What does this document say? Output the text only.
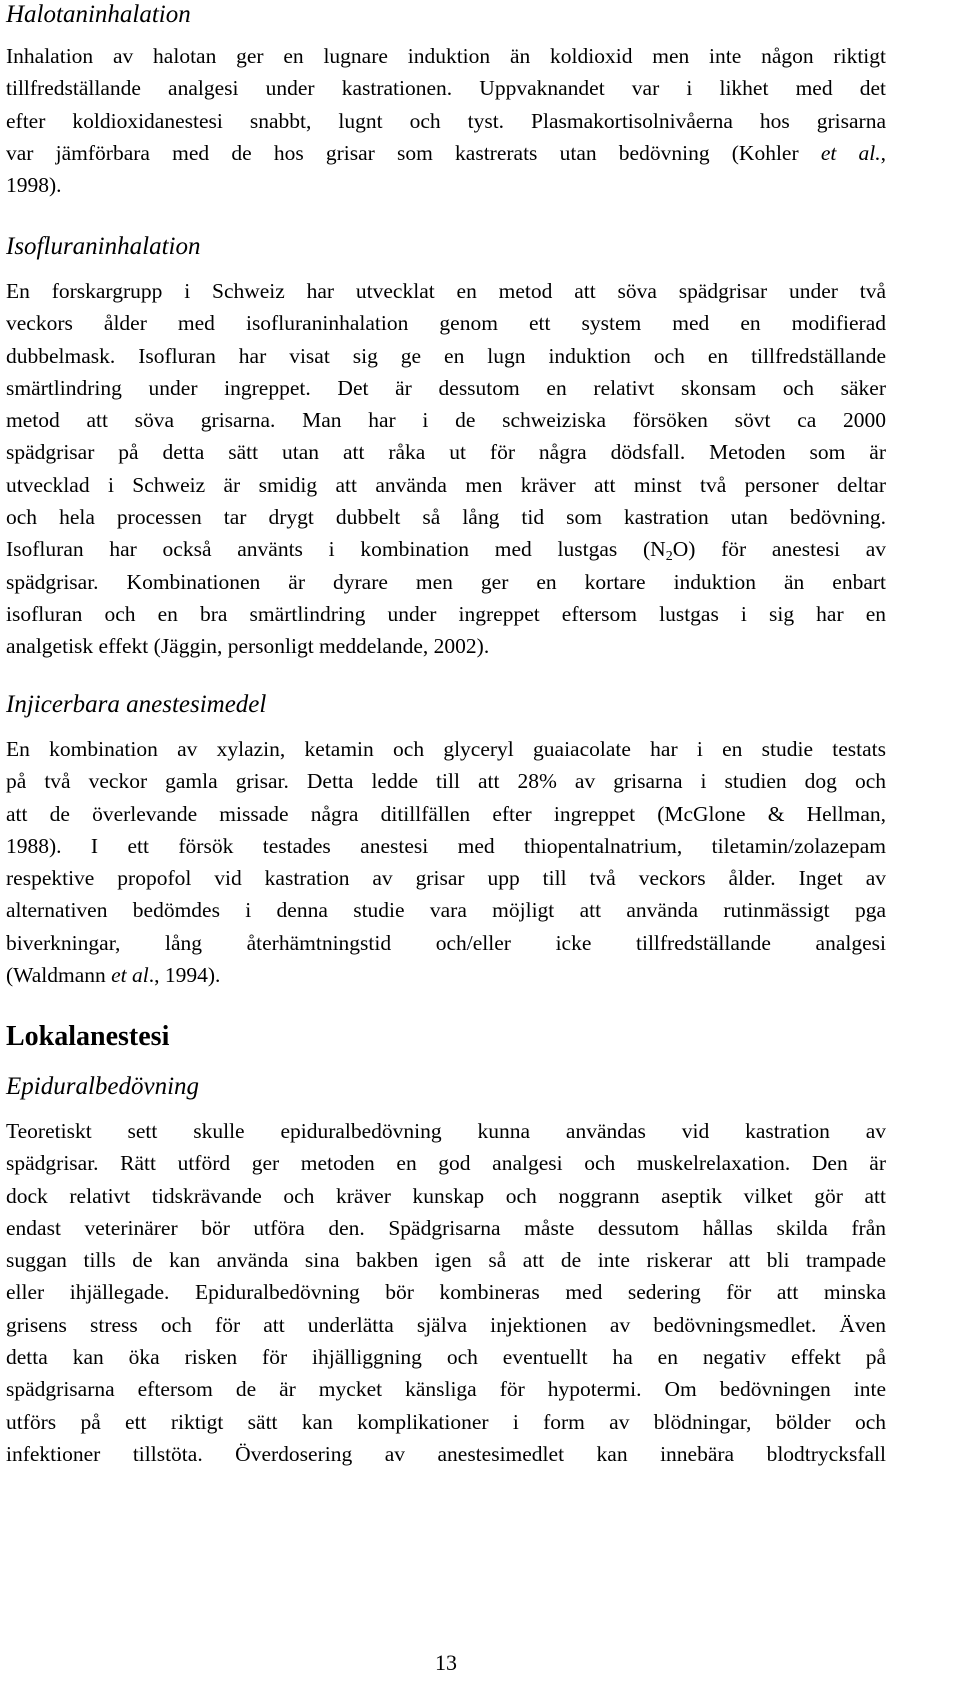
Halotaninhalation
Inhalation av halotan ger en lugnare induktion än koldioxid men inte någon riktigt
tillfredställande analgesi under kastrationen. Uppvaknandet var i likhet med det
efter koldioxidanestesi snabbt, lugnt och tyst. Plasmakortisolnivåerna hos grisarna
var jämförbara med de hos grisar som kastrerats utan bedövning (Kohler et al.,
1998).
Isofluraninhalation
En forskargrupp i Schweiz har utvecklat en metod att söva spädgrisar under två
veckors ålder med isofluraninhalation genom ett system med en modifierad
dubbelmask. Isofluran har visat sig ge en lugn induktion och en tillfredställande
smärtlindring under ingreppet. Det är dessutom en relativt skonsam och säker
metod att söva grisarna. Man har i de schweiziska försöken sövt ca 2000
spädgrisar på detta sätt utan att råka ut för några dödsfall. Metoden som är
utvecklad i Schweiz är smidig att använda men kräver att minst två personer deltar
och hela processen tar drygt dubbelt så lång tid som kastration utan bedövning.
Isofluran har också använts i kombination med lustgas $(N_2O)$ för anestesi av
spädgrisar. Kombinationen är dyrare men ger en kortare induktion än enbart
isofluran och en bra smärtlindring under ingreppet eftersom lustgas i sig har en
analgetisk effekt (Jäggin, personligt meddelande, 2002).
Injicerbara anestesimedel
En kombination av xylazin, ketamin och glyceryl guaiacolate har i en studie testats
på två veckor gamla grisar. Detta ledde till att 28% av grisarna i studien dog och
att de överlevande missade några ditillfällen efter ingreppet (McGlone & Hellman,
1988). I ett försök testades anestesi med thiopentalnatrium, tiletamin/zolazepam
respektive propofol vid kastration av grisar upp till två veckors ålder. Inget av
alternativen bedömdes i denna studie vara möjligt att använda rutinmässigt pga
biverkningar, lång återhämtningstid och/eller icke tillfredställande analgesi
(Waldmann et al., 1994).
Lokalanestesi
Epiduralbedövning
Teoretiskt sett skulle epiduralbedövning kunna användas vid kastration av
spädgrisar. Rätt utförd ger metoden en god analgesi och muskelrelaxation. Den är
dock relativt tidskrävande och kräver kunskap och noggrann aseptik vilket gör att
endast veterinärer bör utföra den. Spädgrisarna måste dessutom hållas skilda från
suggan tills de kan använda sina bakben igen så att de inte riskerar att bli trampade
eller ihjällegade. Epiduralbedövning bör kombineras med sedering för att minska
grisens stress och för att underlätta själva injektionen av bedövningsmedlet. Även
detta kan öka risken för ihjälliggning och eventuellt ha en negativ effekt på
spädgrisarna eftersom de är mycket känsliga för hypotermi. Om bedövningen inte
utförs på ett riktigt sätt kan komplikationer i form av blödningar, bölder och
infektioner tillstöta. Överdosering av anestesimedlet kan innebära blodtrycksfall
13
